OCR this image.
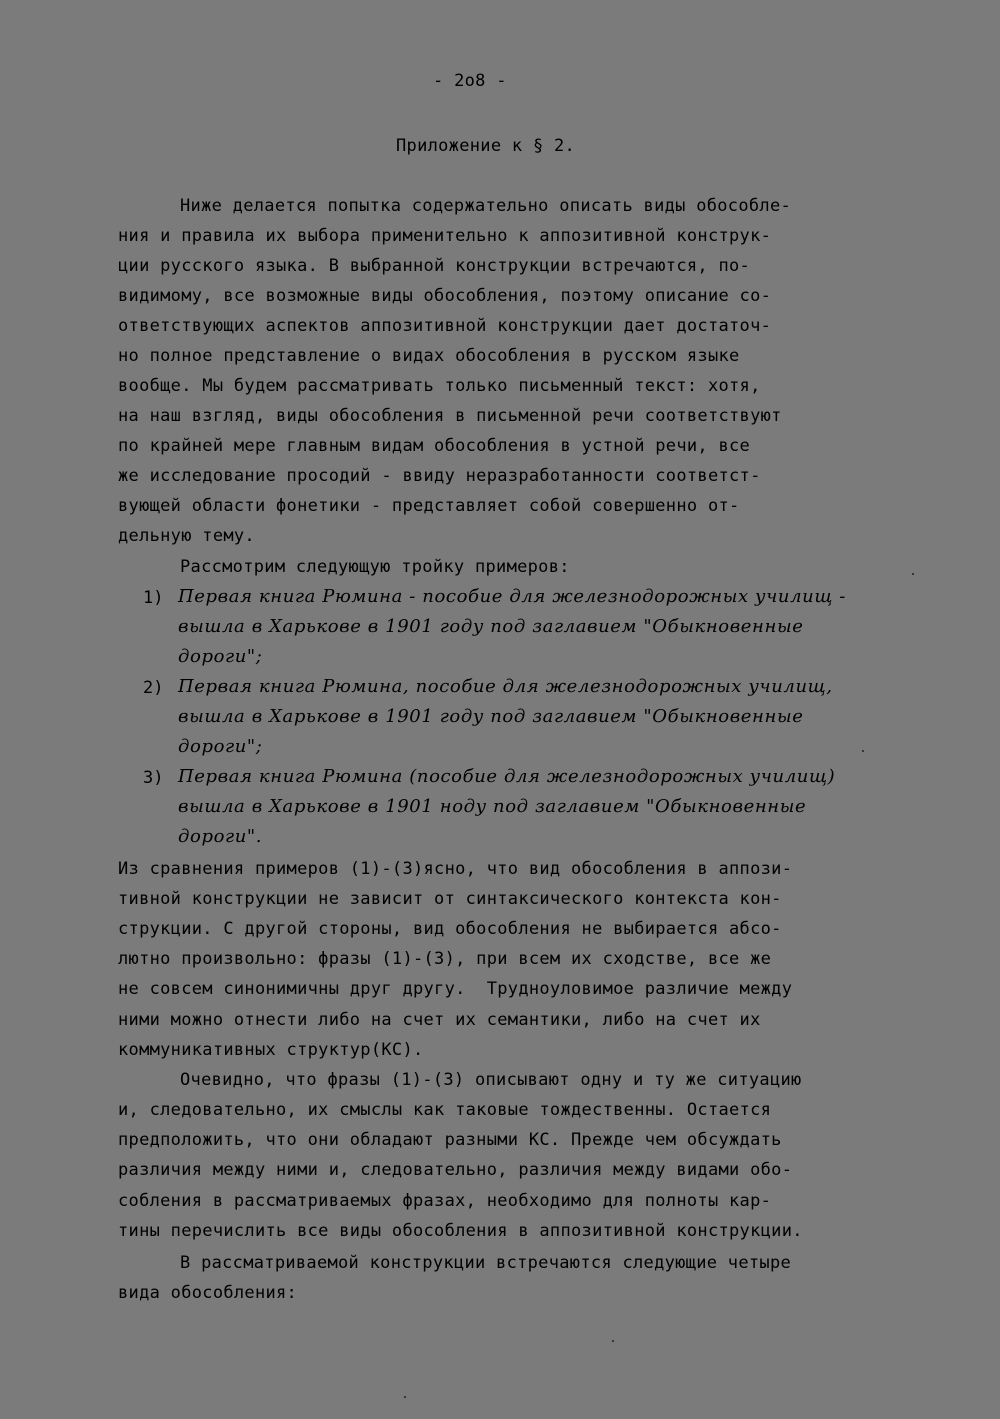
- 2o8 -
Приложение к § 2.
Ниже делается попытка содержательно описать виды обособле-
ния и правила их выбора применительно к аппозитивной конструк-
ции русского языка. В выбранной конструкции встречаются, по-
видимому, все возможные виды обособления, поэтому описание со-
ответствующих аспектов аппозитивной конструкции дает достаточ-
но полное представление о видах обособления в русском языке
вообще. Мы будем рассматривать только письменный текст: хотя,
на наш взгляд, виды обособления в письменной речи соответствуют
по крайней мере главным видам обособления в устной речи, все
же исследование просодий - ввиду неразработанности соответст-
вующей области фонетики - представляет собой совершенно от-
дельную тему.
Рассмотрим следующую тройку примеров:
1) Первая книга Рюмина - пособие для железнодорожных училищ -
вышла в Харькове в 1901 году под заглавием "Обыкновенные
дороги";
2) Первая книга Рюмина, пособие для железнодорожных училищ,
вышла в Харькове в 1901 году под заглавием "Обыкновенные
дороги";
3) Первая книга Рюмина (пособие для железнодорожных училищ)
вышла в Харькове в 1901 ноду под заглавием "Обыкновенные
дороги".
Из сравнения примеров (1)-(3)ясно, что вид обособления в аппози-
тивной конструкции не зависит от синтаксического контекста кон-
струкции. С другой стороны, вид обособления не выбирается абсо-
лютно произвольно: фразы (1)-(3), при всем их сходстве, все же
не совсем синонимичны друг другу.  Трудноуловимое различие между
ними можно отнести либо на счет их семантики, либо на счет их
коммуникативных структур(КС).
Очевидно, что фразы (1)-(3) описывают одну и ту же ситуацию
и, следовательно, их смыслы как таковые тождественны. Остается
предположить, что они обладают разными КС. Прежде чем обсуждать
различия между ними и, следовательно, различия между видами обо-
собления в рассматриваемых фразах, необходимо для полноты кар-
тины перечислить все виды обособления в аппозитивной конструкции.
В рассматриваемой конструкции встречаются следующие четыре
вида обособления:
